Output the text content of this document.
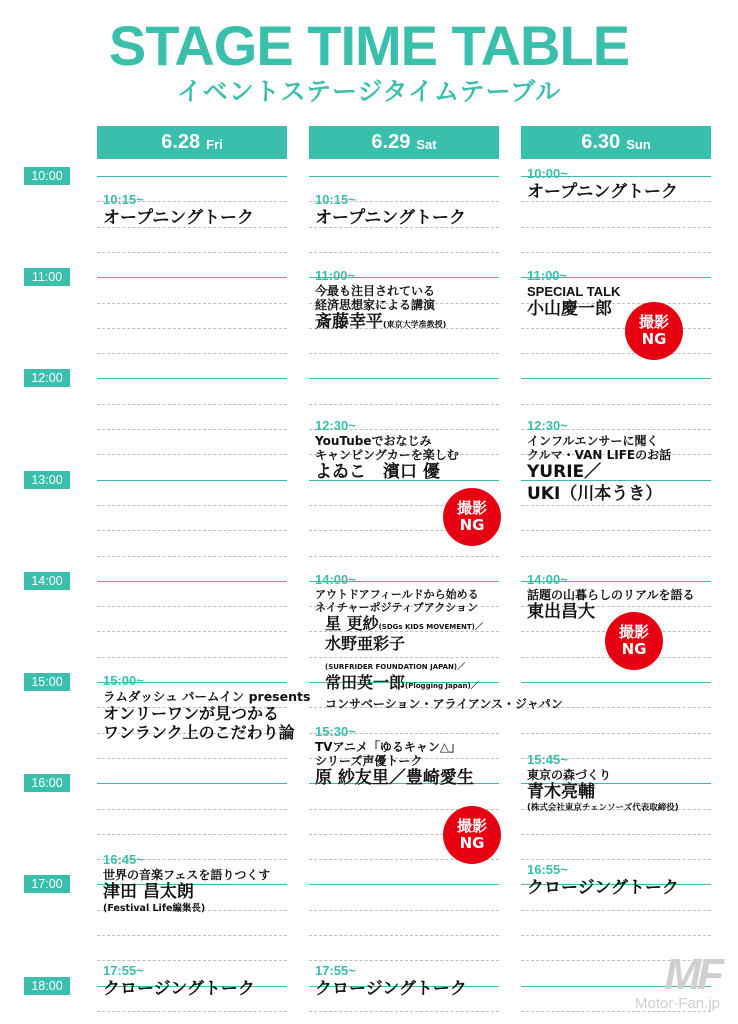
STAGE TIME TABLE
イベントステージタイムテーブル
6.28 Fri	6.29 Sat	6.30 Sun
10:00
11:00
12:00
13:00
14:00
15:00
16:00
17:00
18:00
10:15~
オープニングトーク
15:00~
ラムダッシュ パームイン presents
オンリーワンが見つかる
ワンランク上のこだわり論
16:45~
世界の音楽フェスを語りつくす
津田 昌太朗
(Festival Life編集長)
17:55~
クロージングトーク
10:15~
オープニングトーク
11:00~
今最も注目されている
経済思想家による講演
斎藤幸平(東京大学准教授)
12:30~
YouTubeでおなじみ
キャンピングカーを楽しむ
よゐこ　濱口 優
14:00~
アウトドアフィールドから始める
ネイチャーポジティブアクション
星 更紗(SDGs KIDS MOVEMENT)／
水野亜彩子
(SURFRIDER FOUNDATION JAPAN)／
常田英一郎(Plogging Japan)／
コンサベーション・アライアンス・ジャパン
15:30~
TVアニメ「ゆるキャン△」
シリーズ声優トーク
原 紗友里／豊崎愛生
17:55~
クロージングトーク
10:00~
オープニングトーク
11:00~
SPECIAL TALK
小山慶一郎
12:30~
インフルエンサーに聞く
クルマ・VAN LIFEのお話
YURIE／
UKI（川本うき）
14:00~
話題の山暮らしのリアルを語る
東出昌大
15:45~
東京の森づくり
青木亮輔
(株式会社東京チェンソーズ代表取締役)
16:55~
クロージングトーク
撮影
NG
撮影
NG
撮影
NG
撮影
NG
MF
Motor-Fan.jp
